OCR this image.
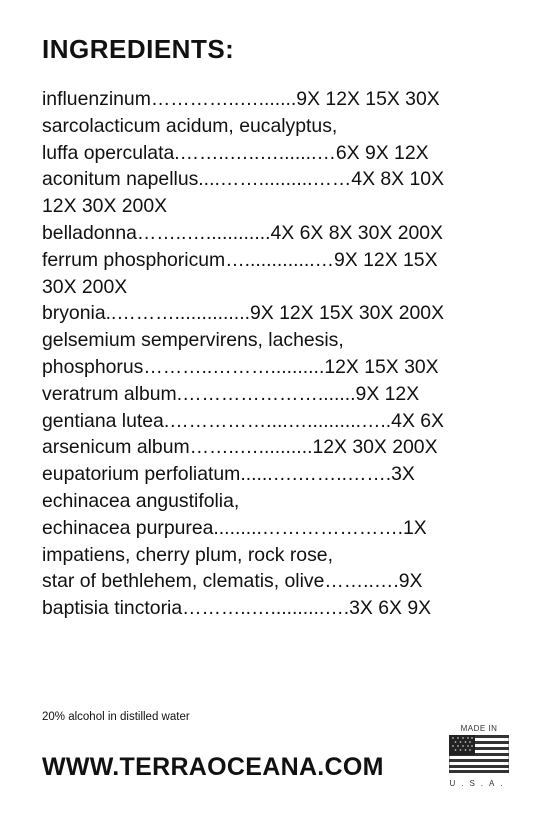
INGREDIENTS:
influenzinum…………..….......9X 12X 15X 30X
sarcolacticum acidum, eucalyptus,
luffa operculata.……..…..….......…6X 9X 12X
aconitum napellus....……..........……4X 8X 10X
12X 30X 200X
belladonna……..…............4X 6X 8X 30X 200X
ferrum phosphoricum….............…9X 12X 15X
30X 200X
bryonia..………..............9X 12X 15X 30X 200X
gelsemium sempervirens, lachesis,
phosphorus………..………..........12X 15X 30X
veratrum album.………………….......9X 12X
gentiana lutea.……………....…..........…..4X 6X
arsenicum album……..…..........12X 30X 200X
eupatorium perfoliatum......….……..…….3X
echinacea angustifolia,
echinacea purpurea.........………………….1X
impatiens, cherry plum, rock rose,
star of bethlehem, clematis, olive……..….9X
baptisia tinctoria………..…..........….3X 6X 9X
20% alcohol in distilled water
WWW.TERRAOCEANA.COM
MADE IN
U.S.A.
